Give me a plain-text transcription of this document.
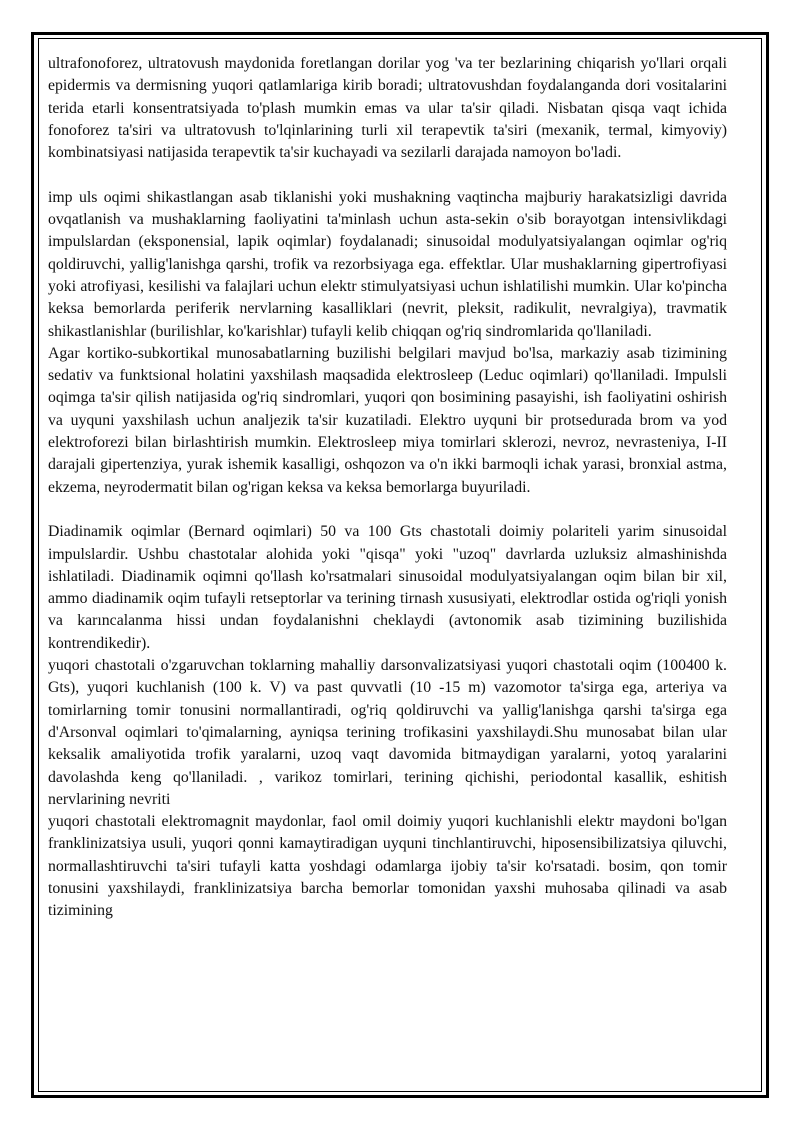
ultrafonoforez, ultratovush maydonida foretlangan dorilar yog 'va ter bezlarining chiqarish yo'llari orqali epidermis va dermisning yuqori qatlamlariga kirib boradi; ultratovushdan foydalanganda dori vositalarini terida etarli konsentratsiyada to'plash mumkin emas va ular ta'sir qiladi. Nisbatan qisqa vaqt ichida fonoforez ta'siri va ultratovush to'lqinlarining turli xil terapevtik ta'siri (mexanik, termal, kimyoviy) kombinatsiyasi natijasida terapevtik ta'sir kuchayadi va sezilarli darajada namoyon bo'ladi.

imp uls oqimi shikastlangan asab tiklanishi yoki mushakning vaqtincha majburiy harakatsizligi davrida ovqatlanish va mushaklarning faoliyatini ta'minlash uchun asta-sekin o'sib borayotgan intensivlikdagi impulslardan (eksponensial, lapik oqimlar) foydalanadi; sinusoidal modulyatsiyalangan oqimlar og'riq qoldiruvchi, yallig'lanishga qarshi, trofik va rezorbsiyaga ega. effektlar. Ular mushaklarning gipertrofiyasi yoki atrofiyasi, kesilishi va falajlari uchun elektr stimulyatsiyasi uchun ishlatilishi mumkin. Ular ko'pincha keksa bemorlarda periferik nervlarning kasalliklari (nevrit, pleksit, radikulit, nevralgiya), travmatik shikastlanishlar (burilishlar, ko'karishlar) tufayli kelib chiqqan og'riq sindromlarida qo'llaniladi.

Agar kortiko-subkortikal munosabatlarning buzilishi belgilari mavjud bo'lsa, markaziy asab tizimining sedativ va funktsional holatini yaxshilash maqsadida elektrosleep (Leduc oqimlari) qo'llaniladi. Impulsli oqimga ta'sir qilish natijasida og'riq sindromlari, yuqori qon bosimining pasayishi, ish faoliyatini oshirish va uyquni yaxshilash uchun analjezik ta'sir kuzatiladi. Elektro uyquni bir protsedurada brom va yod elektroforezi bilan birlashtirish mumkin. Elektrosleep miya tomirlari sklerozi, nevroz, nevrasteniya, I-II darajali gipertenziya, yurak ishemik kasalligi, oshqozon va o'n ikki barmoqli ichak yarasi, bronxial astma, ekzema, neyrodermatit bilan og'rigan keksa va keksa bemorlarga buyuriladi.

Diadinamik oqimlar (Bernard oqimlari) 50 va 100 Gts chastotali doimiy polariteli yarim sinusoidal impulslardir. Ushbu chastotalar alohida yoki "qisqa" yoki "uzoq" davrlarda uzluksiz almashinishda ishlatiladi. Diadinamik oqimni qo'llash ko'rsatmalari sinusoidal modulyatsiyalangan oqim bilan bir xil, ammo diadinamik oqim tufayli retseptorlar va terining tirnash xususiyati, elektrodlar ostida og'riqli yonish va karıncalanma hissi undan foydalanishni cheklaydi (avtonomik asab tizimining buzilishida kontrendikedir).

yuqori chastotali o'zgaruvchan toklarning mahalliy darsonvalizatsiyasi yuqori chastotali oqim (100400 k. Gts), yuqori kuchlanish (100 k. V) va past quvvatli (10 -15 m) vazomotor ta'sirga ega, arteriya va tomirlarning tomir tonusini normallantiradi, og'riq qoldiruvchi va yallig'lanishga qarshi ta'sirga ega d'Arsonval oqimlari to'qimalarning, ayniqsa terining trofikasini yaxshilaydi.Shu munosabat bilan ular keksalik amaliyotida trofik yaralarni, uzoq vaqt davomida bitmaydigan yaralarni, yotoq yaralarini davolashda keng qo'llaniladi. , varikoz tomirlari, terining qichishi, periodontal kasallik, eshitish nervlarining nevriti

yuqori chastotali elektromagnit maydonlar, faol omil doimiy yuqori kuchlanishli elektr maydoni bo'lgan franklinizatsiya usuli, yuqori qonni kamaytiradigan uyquni tinchlantiruvchi, hiposensibilizatsiya qiluvchi, normallashtiruvchi ta'siri tufayli katta yoshdagi odamlarga ijobiy ta'sir ko'rsatadi. bosim, qon tomir tonusini yaxshilaydi, franklinizatsiya barcha bemorlar tomonidan yaxshi muhosaba qilinadi va asab tizimining
